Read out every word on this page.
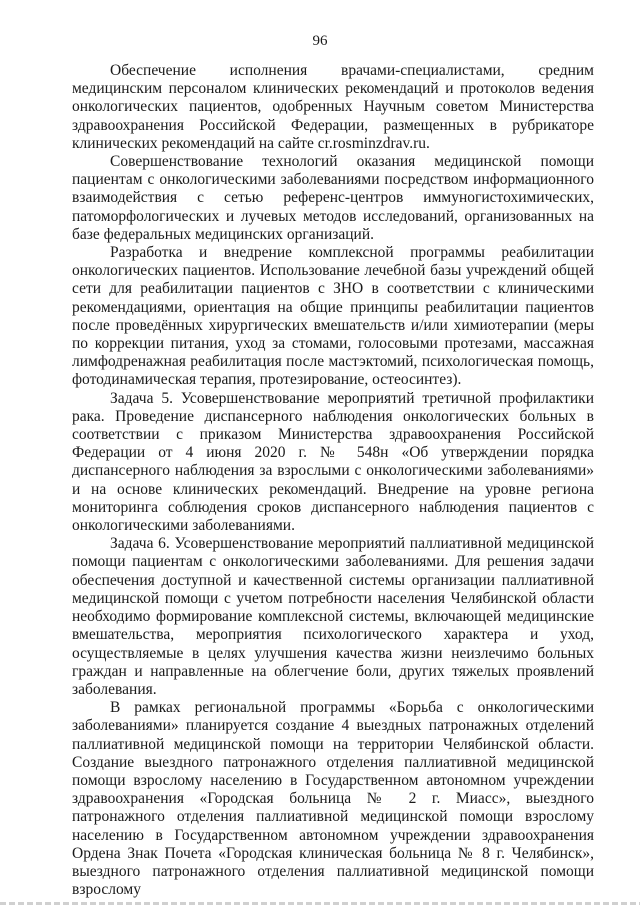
96

Обеспечение исполнения врачами-специалистами, средним медицинским персоналом клинических рекомендаций и протоколов ведения онкологических пациентов, одобренных Научным советом Министерства здравоохранения Российской Федерации, размещенных в рубрикаторе клинических рекомендаций на сайте cr.rosminzdrav.ru.

Совершенствование технологий оказания медицинской помощи пациентам с онкологическими заболеваниями посредством информационного взаимодействия с сетью референс-центров иммуногистохимических, патоморфологических и лучевых методов исследований, организованных на базе федеральных медицинских организаций.

Разработка и внедрение комплексной программы реабилитации онкологических пациентов. Использование лечебной базы учреждений общей сети для реабилитации пациентов с ЗНО в соответствии с клиническими рекомендациями, ориентация на общие принципы реабилитации пациентов после проведённых хирургических вмешательств и/или химиотерапии (меры по коррекции питания, уход за стомами, голосовыми протезами, массажная лимфодренажная реабилитация после мастэктомий, психологическая помощь, фотодинамическая терапия, протезирование, остеосинтез).

Задача 5. Усовершенствование мероприятий третичной профилактики рака. Проведение диспансерного наблюдения онкологических больных в соответствии с приказом Министерства здравоохранения Российской Федерации от 4 июня 2020 г. № 548н «Об утверждении порядка диспансерного наблюдения за взрослыми с онкологическими заболеваниями» и на основе клинических рекомендаций. Внедрение на уровне региона мониторинга соблюдения сроков диспансерного наблюдения пациентов с онкологическими заболеваниями.

Задача 6. Усовершенствование мероприятий паллиативной медицинской помощи пациентам с онкологическими заболеваниями. Для решения задачи обеспечения доступной и качественной системы организации паллиативной медицинской помощи с учетом потребности населения Челябинской области необходимо формирование комплексной системы, включающей медицинские вмешательства, мероприятия психологического характера и уход, осуществляемые в целях улучшения качества жизни неизлечимо больных граждан и направленные на облегчение боли, других тяжелых проявлений заболевания.

В рамках региональной программы «Борьба с онкологическими заболеваниями» планируется создание 4 выездных патронажных отделений паллиативной медицинской помощи на территории Челябинской области. Создание выездного патронажного отделения паллиативной медицинской помощи взрослому населению в Государственном автономном учреждении здравоохранения «Городская больница № 2 г. Миасс», выездного патронажного отделения паллиативной медицинской помощи взрослому населению в Государственном автономном учреждении здравоохранения Ордена Знак Почета «Городская клиническая больница № 8 г. Челябинск», выездного патронажного отделения паллиативной медицинской помощи взрослому
